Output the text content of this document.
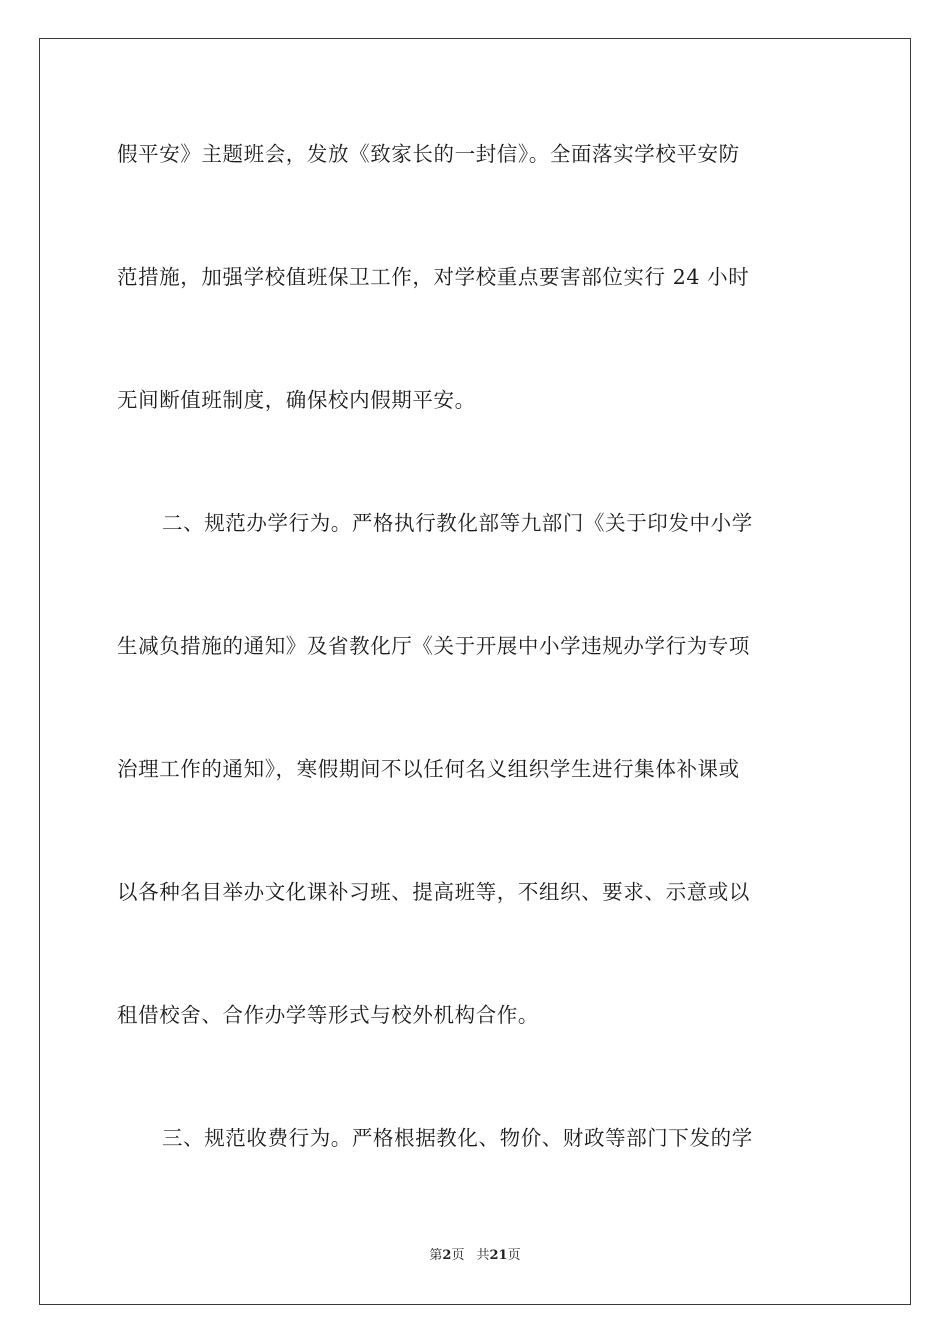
假平安》主题班会，发放《致家长的一封信》。全面落实学校平安防
范措施，加强学校值班保卫工作，对学校重点要害部位实行 24 小时
无间断值班制度，确保校内假期平安。
二、规范办学行为。严格执行教化部等九部门《关于印发中小学
生减负措施的通知》及省教化厅《关于开展中小学违规办学行为专项
治理工作的通知》，寒假期间不以任何名义组织学生进行集体补课或
以各种名目举办文化课补习班、提高班等，不组织、要求、示意或以
租借校舍、合作办学等形式与校外机构合作。
三、规范收费行为。严格根据教化、物价、财政等部门下发的学
第2页 共21页
